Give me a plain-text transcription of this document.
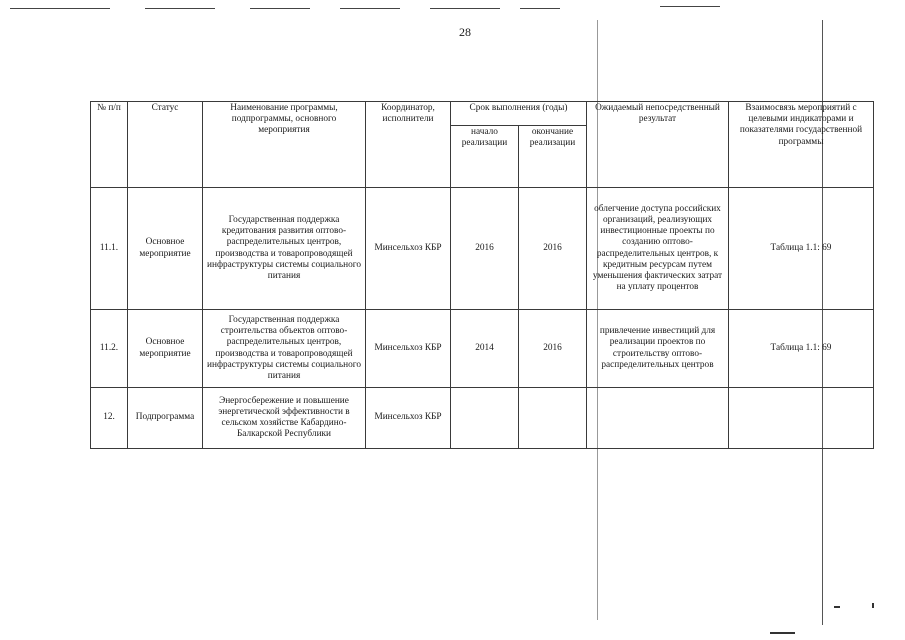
28
№ п/п	Статус	Наименование программы, подпрограммы, основного мероприятия	Координатор, исполнители	Срок выполнения (годы)		Ожидаемый непосредственный результат	Взаимосвязь мероприятий с целевыми индикаторами и показателями государственной программы
				начало реализации	окончание реализации		
11.1.	Основное мероприятие	Государственная поддержка кредитования развития оптово-распределительных центров, производства и товаропроводящей инфраструктуры системы социального питания	Минсельхоз КБР	2016	2016	облегчение доступа российских организаций, реализующих инвестиционные проекты по созданию оптово-распределительных центров, к кредитным ресурсам путем уменьшения фактических затрат на уплату процентов	Таблица 1.1: 69
11.2.	Основное мероприятие	Государственная поддержка строительства объектов оптово-распределительных центров, производства и товаропроводящей инфраструктуры системы социального питания	Минсельхоз КБР	2014	2016	привлечение инвестиций для реализации проектов по строительству оптово-распределительных центров	Таблица 1.1: 69
12.	Подпрограмма	Энергосбережение и повышение энергетической эффективности в сельском хозяйстве Кабардино-Балкарской Республики	Минсельхоз КБР				
